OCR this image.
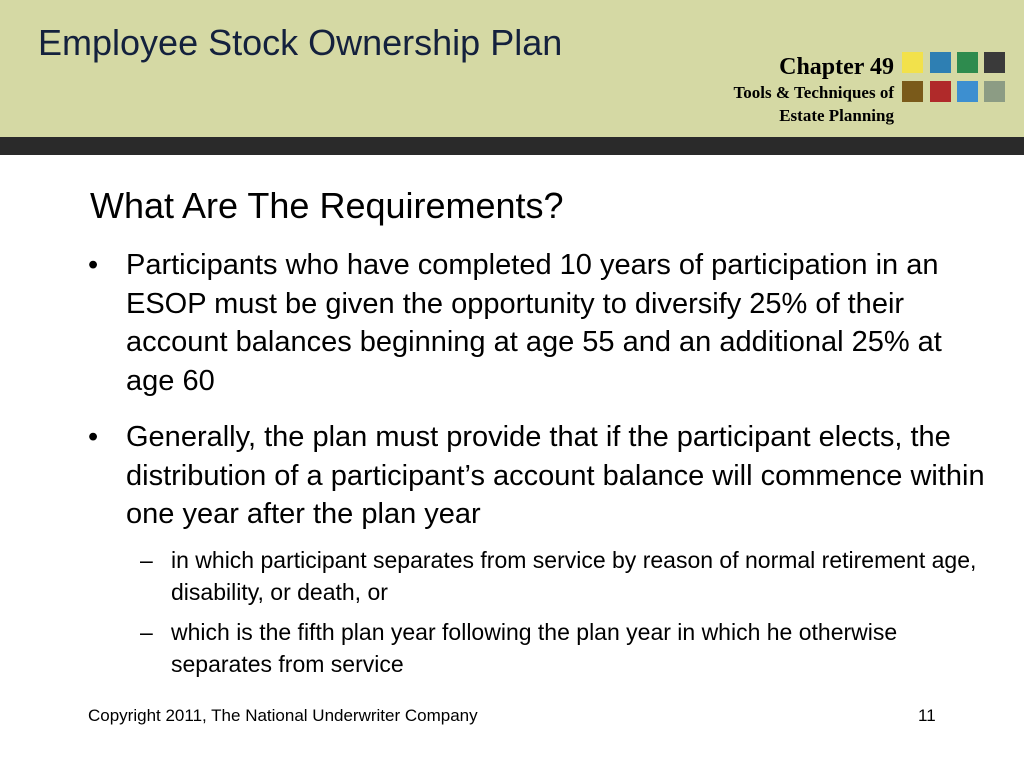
Employee Stock Ownership Plan
Chapter 49
Tools & Techniques of
Estate Planning
What Are The Requirements?
• Participants who have completed 10 years of participation in an ESOP must be given the opportunity to diversify 25% of their account balances beginning at age 55 and an additional 25% at age 60
• Generally, the plan must provide that if the participant elects, the distribution of a participant’s account balance will commence within one year after the plan year
– in which participant separates from service by reason of normal retirement age, disability, or death, or
– which is the fifth plan year following the plan year in which he otherwise separates from service
Copyright 2011, The National Underwriter Company	11
